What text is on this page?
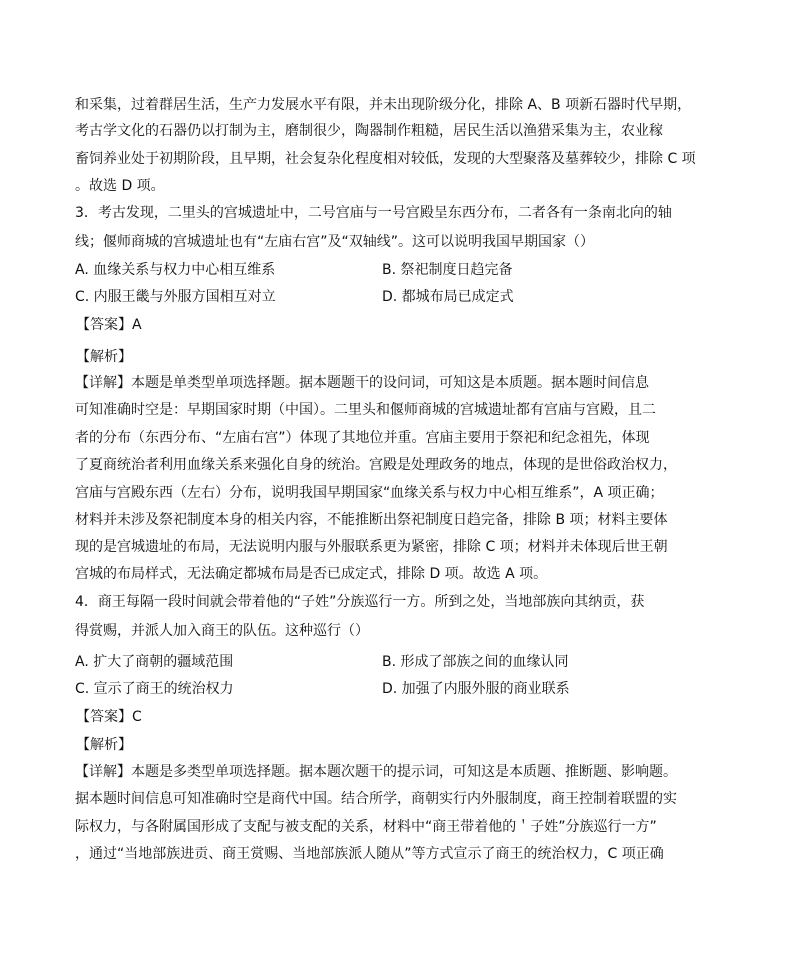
和采集，过着群居生活，生产力发展水平有限，并未出现阶级分化，排除 A、B 项新石器时代早期，
考古学文化的石器仍以打制为主，磨制很少，陶器制作粗糙，居民生活以渔猎采集为主，农业稼
畜饲养业处于初期阶段，且早期，社会复杂化程度相对较低，发现的大型聚落及墓葬较少，排除 C 项
。故选 D 项。
3．考古发现，二里头的宫城遗址中，二号宫庙与一号宫殿呈东西分布，二者各有一条南北向的轴
线；偃师商城的宫城遗址也有“左庙右宫”及“双轴线”。这可以说明我国早期国家（）
A. 血缘关系与权力中心相互维系	B. 祭祀制度日趋完备
C. 内服王畿与外服方国相互对立	D. 都城布局已成定式
【答案】A
【解析】
【详解】本题是单类型单项选择题。据本题题干的设问词，可知这是本质题。据本题时间信息
可知准确时空是：早期国家时期（中国）。二里头和偃师商城的宫城遗址都有宫庙与宫殿，且二
者的分布（东西分布、“左庙右宫”）体现了其地位并重。宫庙主要用于祭祀和纪念祖先，体现
了夏商统治者利用血缘关系来强化自身的统治。宫殿是处理政务的地点，体现的是世俗政治权力，
宫庙与宫殿东西（左右）分布，说明我国早期国家“血缘关系与权力中心相互维系”，A 项正确；
材料并未涉及祭祀制度本身的相关内容，不能推断出祭祀制度日趋完备，排除 B 项；材料主要体
现的是宫城遗址的布局，无法说明内服与外服联系更为紧密，排除 C 项；材料并未体现后世王朝
宫城的布局样式，无法确定都城布局是否已成定式，排除 D 项。故选 A 项。
4．商王每隔一段时间就会带着他的“子姓”分族巡行一方。所到之处，当地部族向其纳贡，获
得赏赐，并派人加入商王的队伍。这种巡行（）
A. 扩大了商朝的疆域范围	B. 形成了部族之间的血缘认同
C. 宣示了商王的统治权力	D. 加强了内服外服的商业联系
【答案】C
【解析】
【详解】本题是多类型单项选择题。据本题次题干的提示词，可知这是本质题、推断题、影响题。
据本题时间信息可知准确时空是商代中国。结合所学，商朝实行内外服制度，商王控制着联盟的实
际权力，与各附属国形成了支配与被支配的关系，材料中“商王带着他的＇子姓”分族巡行一方”
，通过“当地部族进贡、商王赏赐、当地部族派人随从”等方式宣示了商王的统治权力，C 项正确
